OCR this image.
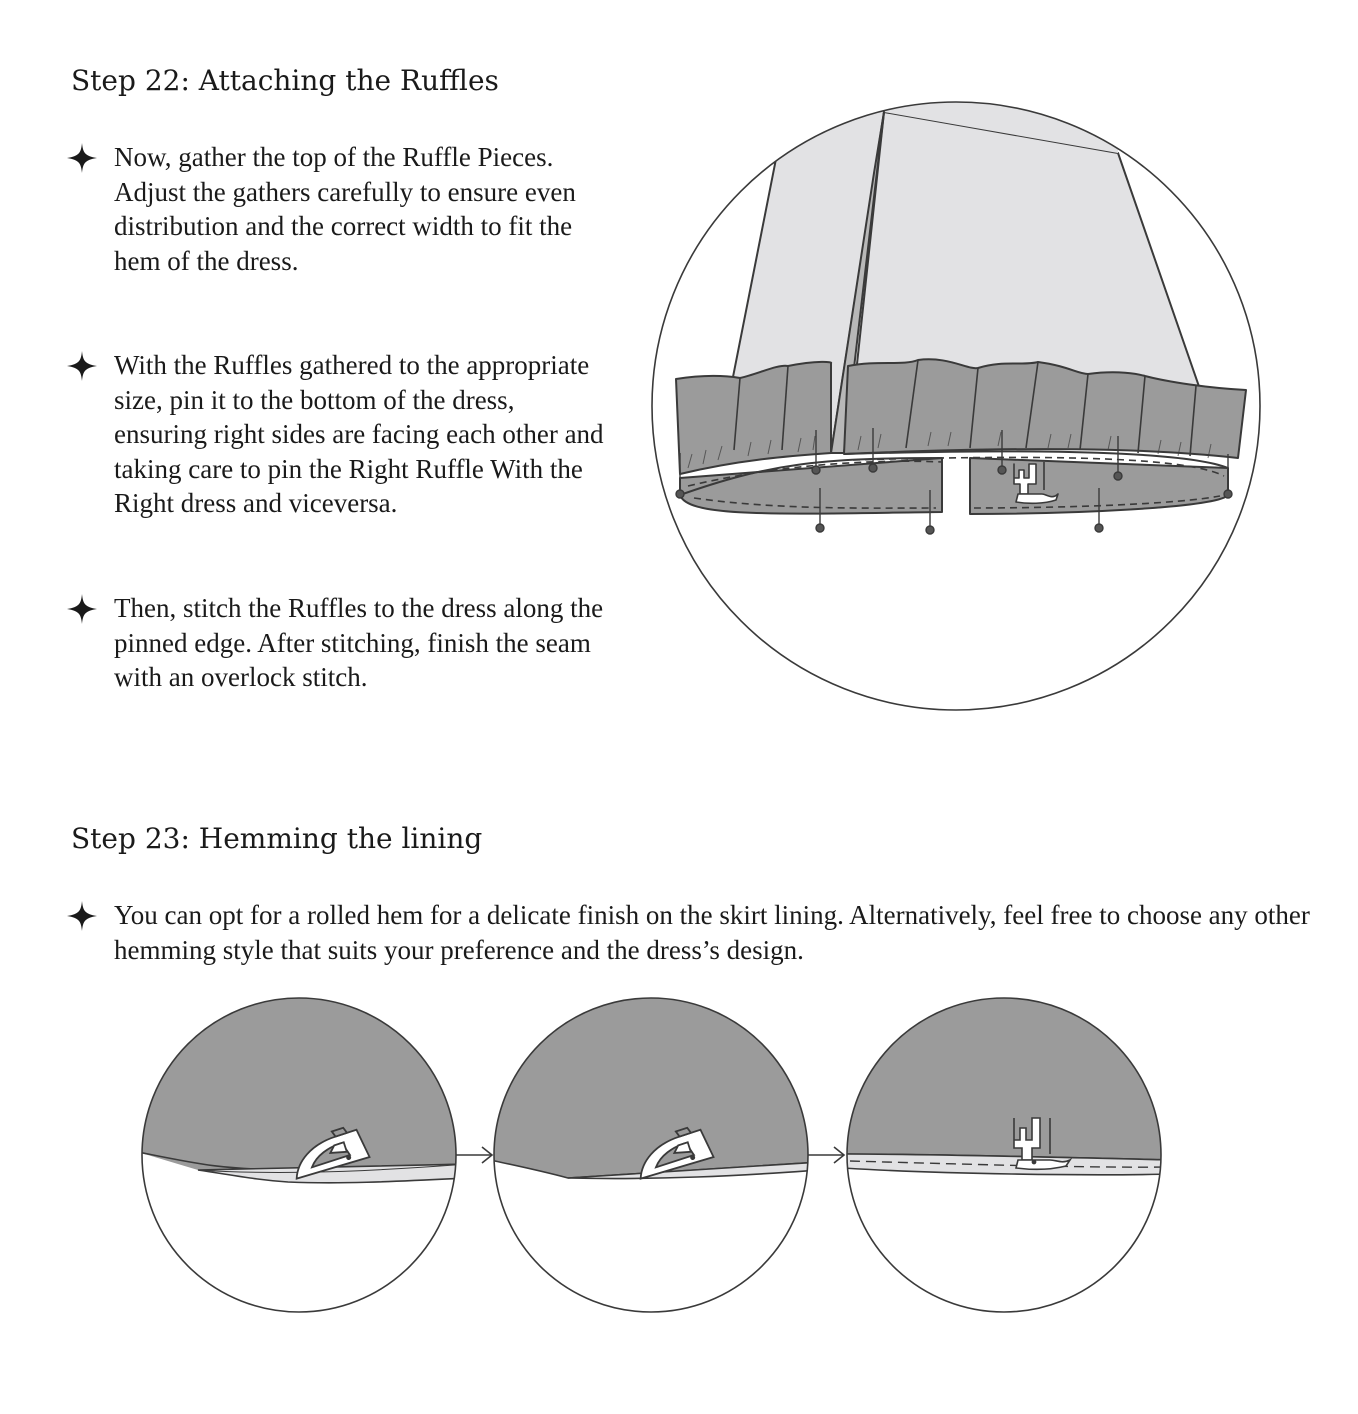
Step 22: Attaching the Ruffles

Now, gather the top of the Ruffle Pieces. Adjust the gathers carefully to ensure even distribution and the correct width to fit the hem of the dress.

With the Ruffles gathered to the appropriate size, pin it to the bottom of the dress, ensuring right sides are facing each other and taking care to pin the Right Ruffle With the Right dress and viceversa.

Then, stitch the Ruffles to the dress along the pinned edge. After stitching, finish the seam with an overlock stitch.

Step 23: Hemming the lining

You can opt for a rolled hem for a delicate finish on the skirt lining. Alternatively, feel free to choose any other hemming style that suits your preference and the dress’s design.
